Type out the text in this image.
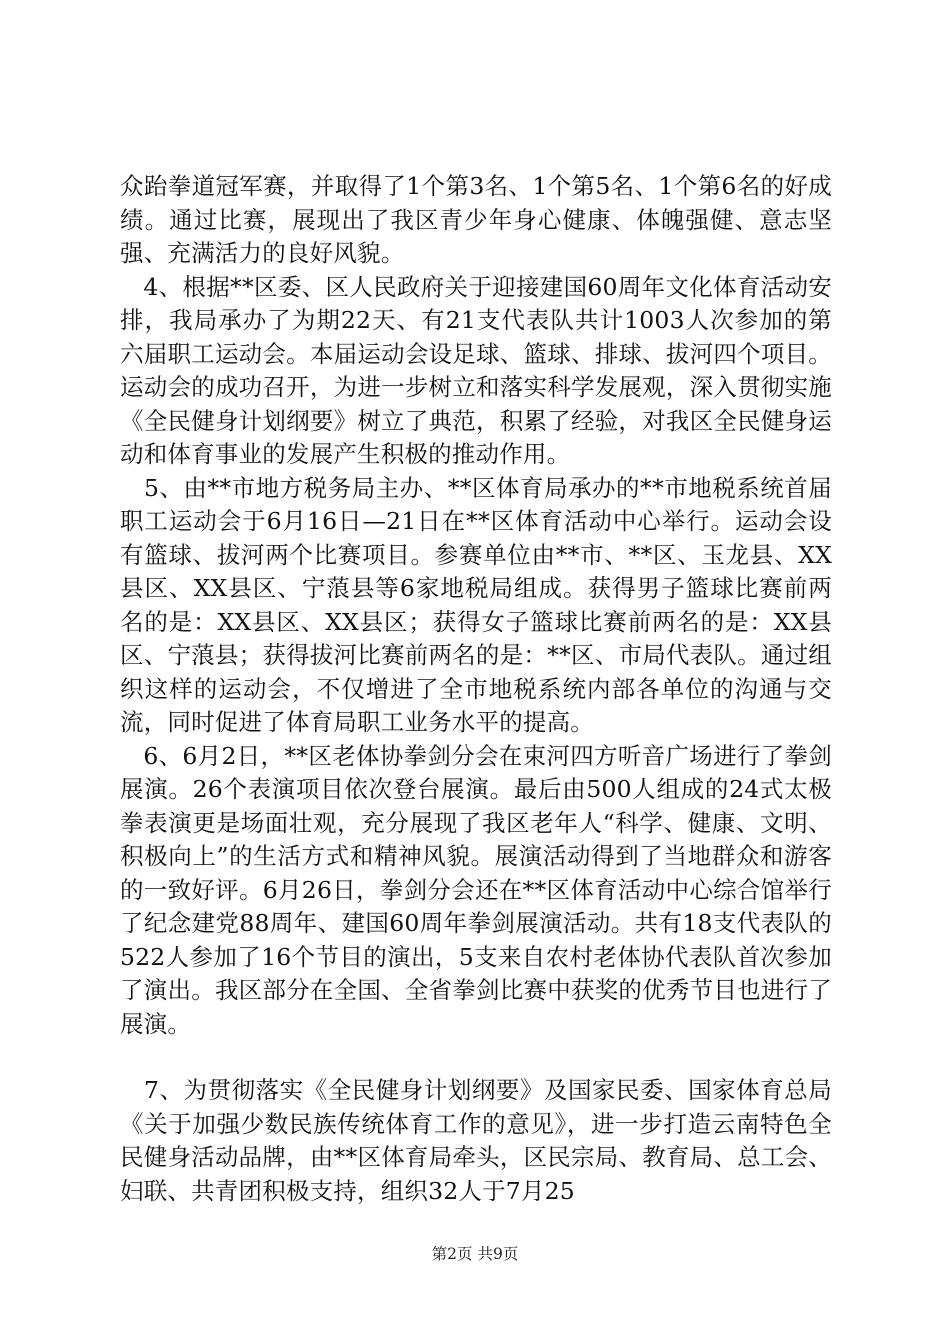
众跆拳道冠军赛，并取得了1个第3名、1个第5名、1个第6名的好成绩。通过比赛，展现出了我区青少年身心健康、体魄强健、意志坚强、充满活力的良好风貌。

4、根据**区委、区人民政府关于迎接建国60周年文化体育活动安排，我局承办了为期22天、有21支代表队共计1003人次参加的第六届职工运动会。本届运动会设足球、篮球、排球、拔河四个项目。运动会的成功召开，为进一步树立和落实科学发展观，深入贯彻实施《全民健身计划纲要》树立了典范，积累了经验，对我区全民健身运动和体育事业的发展产生积极的推动作用。

5、由**市地方税务局主办、**区体育局承办的**市地税系统首届职工运动会于6月16日—21日在**区体育活动中心举行。运动会设有篮球、拔河两个比赛项目。参赛单位由**市、**区、玉龙县、XX县区、XX县区、宁蒗县等6家地税局组成。获得男子篮球比赛前两名的是：XX县区、XX县区；获得女子篮球比赛前两名的是：XX县区、宁蒗县；获得拔河比赛前两名的是：**区、市局代表队。通过组织这样的运动会，不仅增进了全市地税系统内部各单位的沟通与交流，同时促进了体育局职工业务水平的提高。

6、6月2日，**区老体协拳剑分会在束河四方听音广场进行了拳剑展演。26个表演项目依次登台展演。最后由500人组成的24式太极拳表演更是场面壮观，充分展现了我区老年人“科学、健康、文明、积极向上”的生活方式和精神风貌。展演活动得到了当地群众和游客的一致好评。6月26日，拳剑分会还在**区体育活动中心综合馆举行了纪念建党88周年、建国60周年拳剑展演活动。共有18支代表队的522人参加了16个节目的演出，5支来自农村老体协代表队首次参加了演出。我区部分在全国、全省拳剑比赛中获奖的优秀节目也进行了展演。

7、为贯彻落实《全民健身计划纲要》及国家民委、国家体育总局《关于加强少数民族传统体育工作的意见》，进一步打造云南特色全民健身活动品牌，由**区体育局牵头，区民宗局、教育局、总工会、妇联、共青团积极支持，组织32人于7月25

第2页 共9页
